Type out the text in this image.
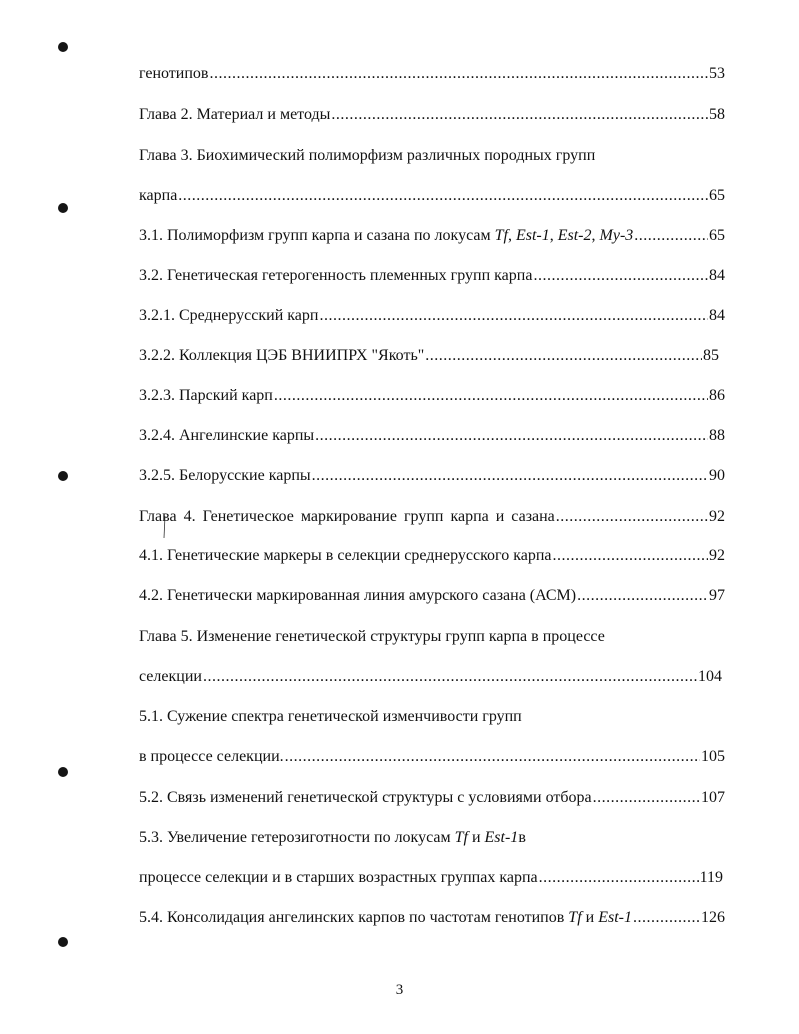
генотипов .....	53
Глава 2. Материал и методы .....	58
Глава 3. Биохимический полиморфизм различных породных групп
карпа .....	65
3.1. Полиморфизм групп карпа и сазана по локусам Tf, Est-1, Est-2, My-3 .....	65
3.2. Генетическая гетерогенность племенных групп карпа .....	84
3.2.1. Среднерусский карп .....	84
3.2.2. Коллекция ЦЭБ ВНИИПРХ "Якоть" .....	85
3.2.3. Парский карп .....	86
3.2.4. Ангелинские карпы .....	88
3.2.5. Белорусские карпы .....	90
Глава 4. Генетическое маркирование групп карпа и сазана .....	92
4.1. Генетические маркеры в селекции среднерусского карпа .....	92
4.2. Генетически маркированная линия амурского сазана (АСМ) .....	97
Глава 5. Изменение генетической структуры групп карпа в процессе
селекции .....	104
5.1. Сужение спектра генетической изменчивости групп
в процессе селекции. .....	105
5.2. Связь изменений генетической структуры с условиями отбора .....	107
5.3. Увеличение гетерозиготности по локусам Tf и Est-1в
процессе селекции и в старших возрастных группах карпа .....	119
5.4. Консолидация ангелинских карпов по частотам генотипов Tf и Est-1 .....	126
3
